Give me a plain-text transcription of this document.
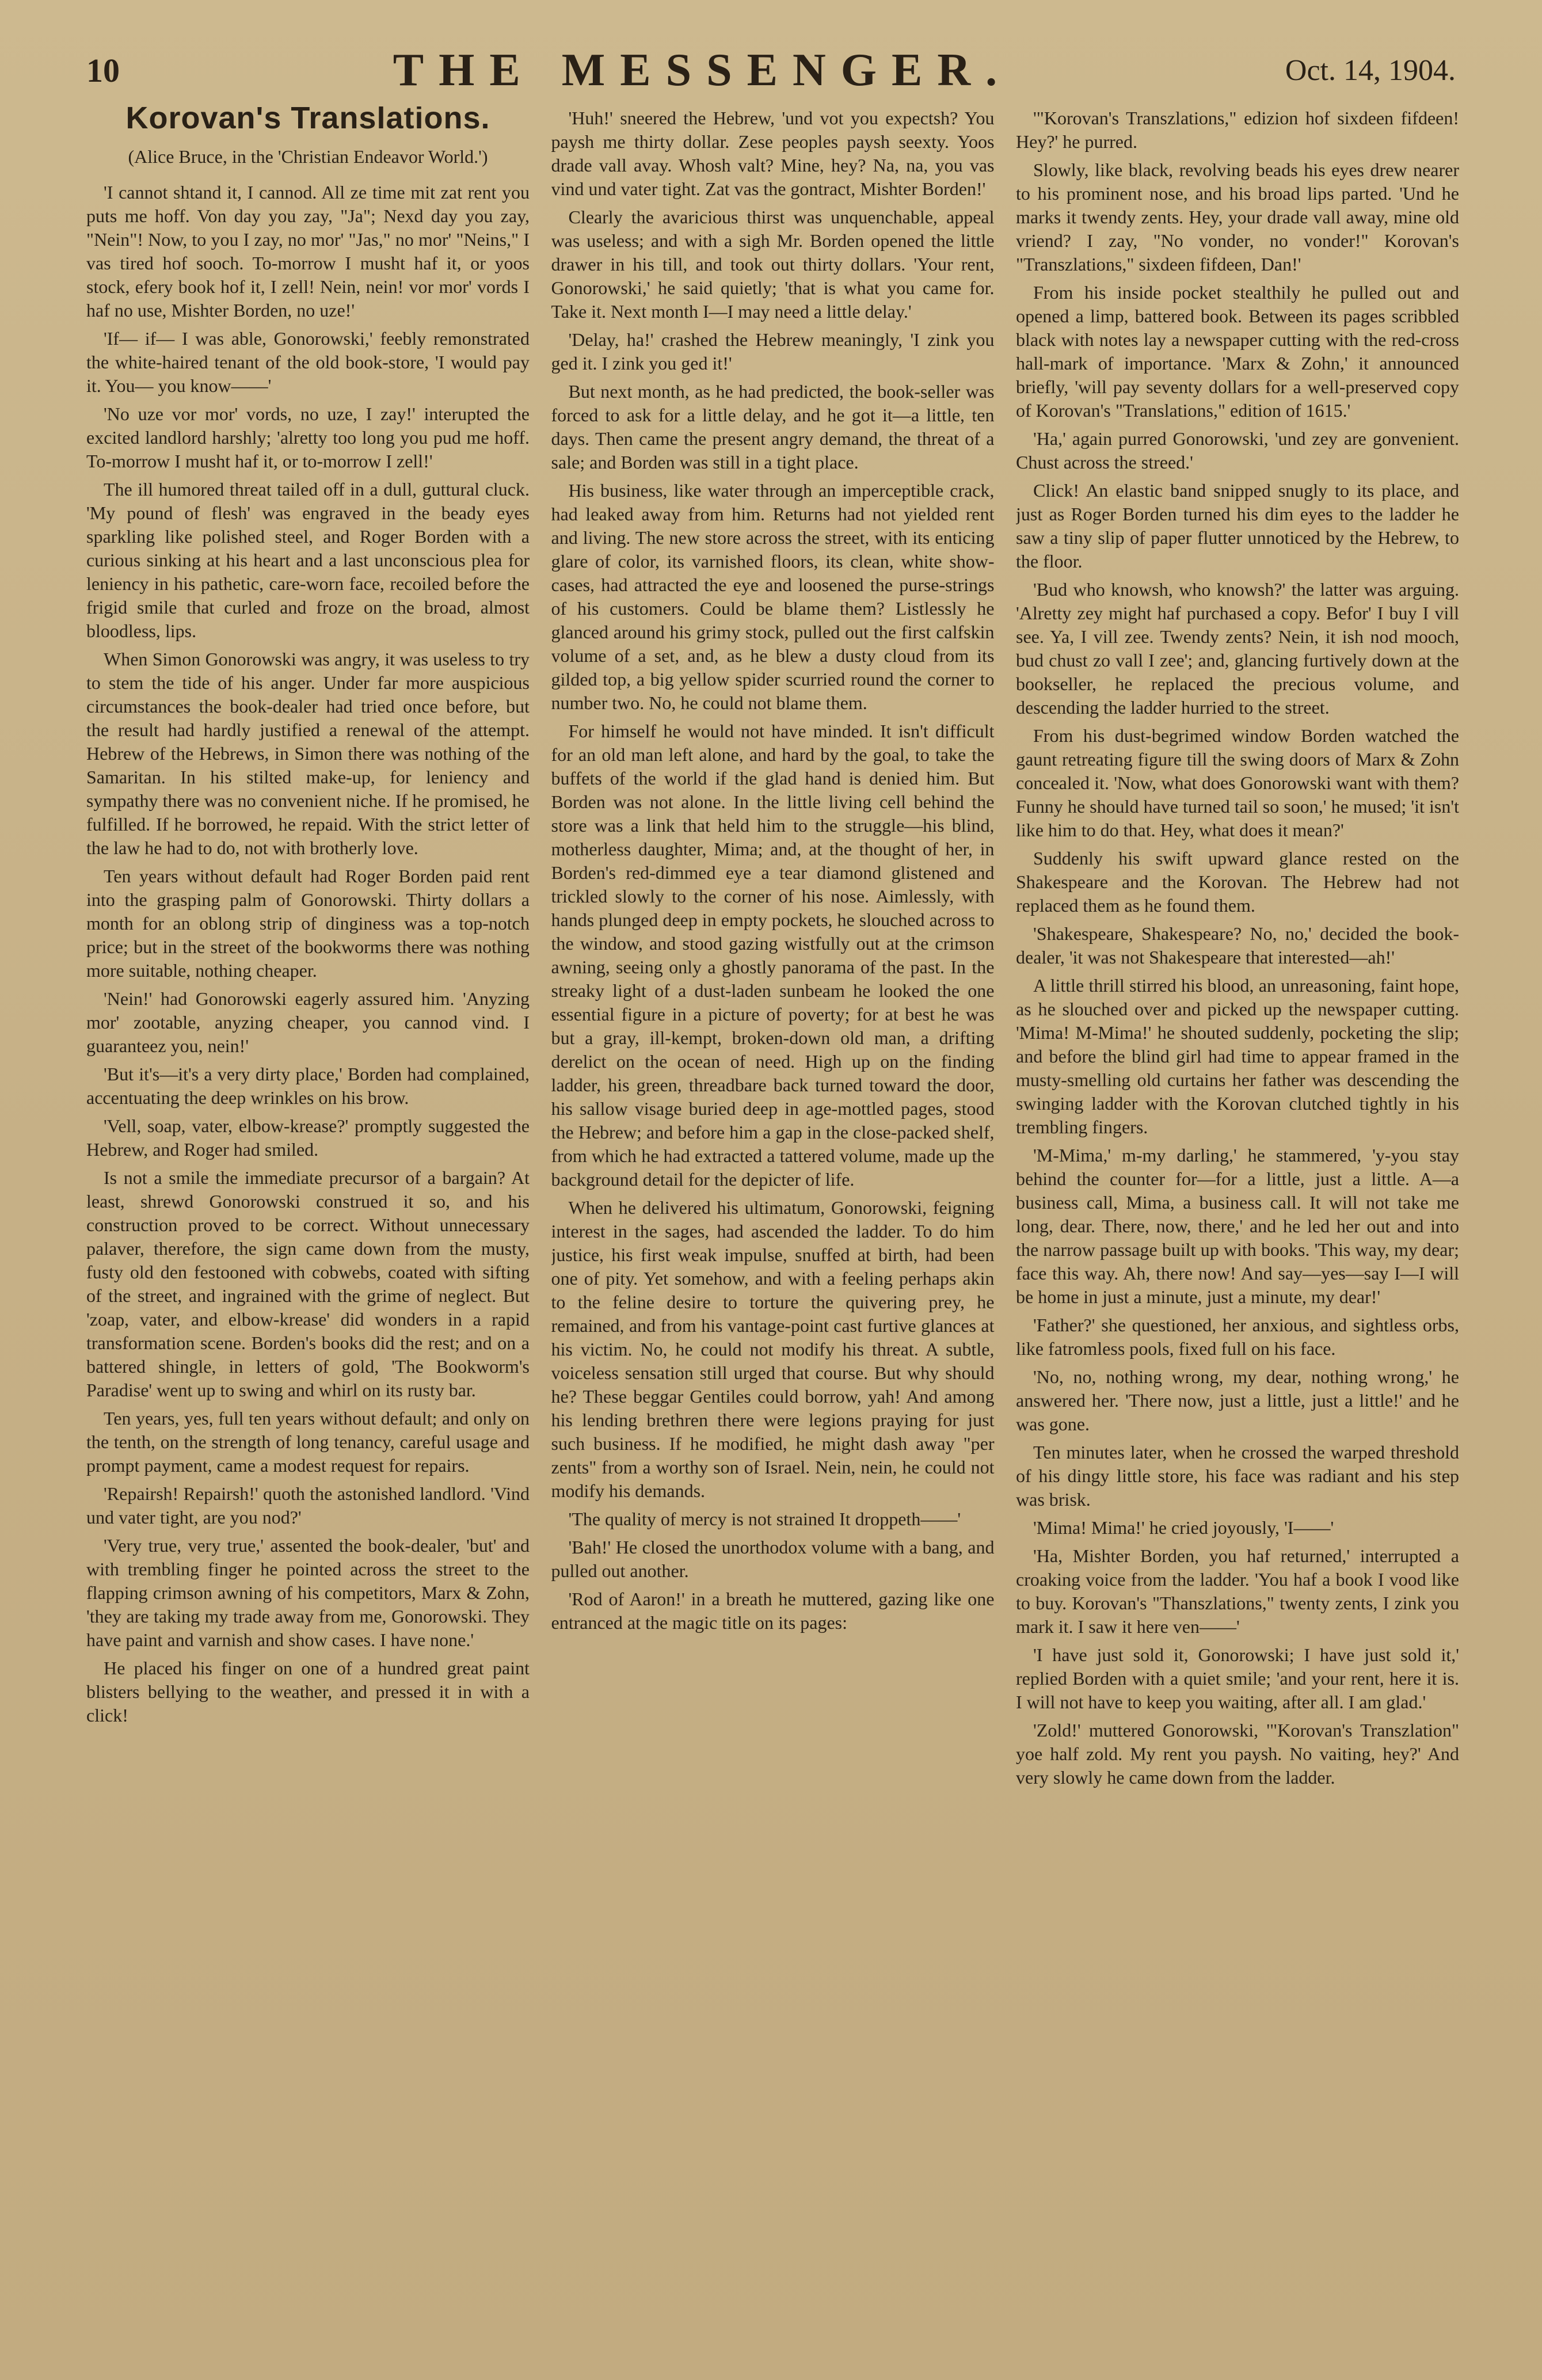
10	THE MESSENGER.	Oct. 14, 1904.
Korovan's Translations.
(Alice Bruce, in the 'Christian Endeavor World.')

'I cannot shtand it, I cannod. All ze time mit zat rent you puts me hoff. Von day you zay, "Ja"; Nexd day you zay, "Nein"! Now, to you I zay, no mor' "Jas," no mor' "Neins," I vas tired hof sooch. To-morrow I musht haf it, or yoos stock, efery book hof it, I zell! Nein, nein! vor mor' vords I haf no use, Mishter Borden, no uze!'

'If— if— I was able, Gonorowski,' feebly remonstrated the white-haired tenant of the old book-store, 'I would pay it. You— you know——'

'No uze vor mor' vords, no uze, I zay!' interupted the excited landlord harshly; 'alretty too long you pud me hoff. To-morrow I musht haf it, or to-morrow I zell!'

The ill humored threat tailed off in a dull, guttural cluck. 'My pound of flesh' was engraved in the beady eyes sparkling like polished steel, and Roger Borden with a curious sinking at his heart and a last unconscious plea for leniency in his pathetic, care-worn face, recoiled before the frigid smile that curled and froze on the broad, almost bloodless, lips.

When Simon Gonorowski was angry, it was useless to try to stem the tide of his anger. Under far more auspicious circumstances the book-dealer had tried once before, but the result had hardly justified a renewal of the attempt. Hebrew of the Hebrews, in Simon there was nothing of the Samaritan. In his stilted make-up, for leniency and sympathy there was no convenient niche. If he promised, he fulfilled. If he borrowed, he repaid. With the strict letter of the law he had to do, not with brotherly love.

Ten years without default had Roger Borden paid rent into the grasping palm of Gonorowski. Thirty dollars a month for an oblong strip of dinginess was a top-notch price; but in the street of the bookworms there was nothing more suitable, nothing cheaper.

'Nein!' had Gonorowski eagerly assured him. 'Anyzing mor' zootable, anyzing cheaper, you cannod vind. I guaranteez you, nein!'

'But it's—it's a very dirty place,' Borden had complained, accentuating the deep wrinkles on his brow.

'Vell, soap, vater, elbow-krease?' promptly suggested the Hebrew, and Roger had smiled.

Is not a smile the immediate precursor of a bargain? At least, shrewd Gonorowski construed it so, and his construction proved to be correct. Without unnecessary palaver, therefore, the sign came down from the musty, fusty old den festooned with cobwebs, coated with sifting of the street, and ingrained with the grime of neglect. But 'zoap, vater, and elbow-krease' did wonders in a rapid transformation scene. Borden's books did the rest; and on a battered shingle, in letters of gold, 'The Bookworm's Paradise' went up to swing and whirl on its rusty bar.

Ten years, yes, full ten years without default; and only on the tenth, on the strength of long tenancy, careful usage and prompt payment, came a modest request for repairs.

'Repairsh! Repairsh!' quoth the astonished landlord. 'Vind und vater tight, are you nod?'

'Very true, very true,' assented the book-dealer, 'but' and with trembling finger he pointed across the street to the flapping crimson awning of his competitors, Marx & Zohn, 'they are taking my trade away from me, Gonorowski. They have paint and varnish and show cases. I have none.'

He placed his finger on one of a hundred great paint blisters bellying to the weather, and pressed it in with a click!

'Huh!' sneered the Hebrew, 'und vot you expectsh? You paysh me thirty dollar. Zese peoples paysh seexty. Yoos drade vall avay. Whosh valt? Mine, hey? Na, na, you vas vind und vater tight. Zat vas the gontract, Mishter Borden!'

Clearly the avaricious thirst was unquenchable, appeal was useless; and with a sigh Mr. Borden opened the little drawer in his till, and took out thirty dollars. 'Your rent, Gonorowski,' he said quietly; 'that is what you came for. Take it. Next month I—I may need a little delay.'

'Delay, ha!' crashed the Hebrew meaningly, 'I zink you ged it. I zink you ged it!'

But next month, as he had predicted, the book-seller was forced to ask for a little delay, and he got it—a little, ten days. Then came the present angry demand, the threat of a sale; and Borden was still in a tight place.

His business, like water through an imperceptible crack, had leaked away from him. Returns had not yielded rent and living. The new store across the street, with its enticing glare of color, its varnished floors, its clean, white show-cases, had attracted the eye and loosened the purse-strings of his customers. Could be blame them? Listlessly he glanced around his grimy stock, pulled out the first calfskin volume of a set, and, as he blew a dusty cloud from its gilded top, a big yellow spider scurried round the corner to number two. No, he could not blame them.

For himself he would not have minded. It isn't difficult for an old man left alone, and hard by the goal, to take the buffets of the world if the glad hand is denied him. But Borden was not alone. In the little living cell behind the store was a link that held him to the struggle—his blind, motherless daughter, Mima; and, at the thought of her, in Borden's red-dimmed eye a tear diamond glistened and trickled slowly to the corner of his nose. Aimlessly, with hands plunged deep in empty pockets, he slouched across to the window, and stood gazing wistfully out at the crimson awning, seeing only a ghostly panorama of the past. In the streaky light of a dust-laden sunbeam he looked the one essential figure in a picture of poverty; for at best he was but a gray, ill-kempt, broken-down old man, a drifting derelict on the ocean of need. High up on the finding ladder, his green, threadbare back turned toward the door, his sallow visage buried deep in age-mottled pages, stood the Hebrew; and before him a gap in the close-packed shelf, from which he had extracted a tattered volume, made up the background detail for the depicter of life.

When he delivered his ultimatum, Gonorowski, feigning interest in the sages, had ascended the ladder. To do him justice, his first weak impulse, snuffed at birth, had been one of pity. Yet somehow, and with a feeling perhaps akin to the feline desire to torture the quivering prey, he remained, and from his vantage-point cast furtive glances at his victim. No, he could not modify his threat. A subtle, voiceless sensation still urged that course. But why should he? These beggar Gentiles could borrow, yah! And among his lending brethren there were legions praying for just such business. If he modified, he might dash away "per zents" from a worthy son of Israel. Nein, nein, he could not modify his demands.

'The quality of mercy is not strained It droppeth——'

'Bah!' He closed the unorthodox volume with a bang, and pulled out another.

'Rod of Aaron!' in a breath he muttered, gazing like one entranced at the magic title on its pages:

'"Korovan's Transzlations," edizion hof sixdeen fifdeen! Hey?' he purred.

Slowly, like black, revolving beads his eyes drew nearer to his prominent nose, and his broad lips parted. 'Und he marks it twendy zents. Hey, your drade vall away, mine old vriend? I zay, "No vonder, no vonder!" Korovan's "Transzlations," sixdeen fifdeen, Dan!'

From his inside pocket stealthily he pulled out and opened a limp, battered book. Between its pages scribbled black with notes lay a newspaper cutting with the red-cross hall-mark of importance. 'Marx & Zohn,' it announced briefly, 'will pay seventy dollars for a well-preserved copy of Korovan's "Translations," edition of 1615.'

'Ha,' again purred Gonorowski, 'und zey are gonvenient. Chust across the streed.'

Click! An elastic band snipped snugly to its place, and just as Roger Borden turned his dim eyes to the ladder he saw a tiny slip of paper flutter unnoticed by the Hebrew, to the floor.

'Bud who knowsh, who knowsh?' the latter was arguing. 'Alretty zey might haf purchased a copy. Befor' I buy I vill see. Ya, I vill zee. Twendy zents? Nein, it ish nod mooch, bud chust zo vall I zee'; and, glancing furtively down at the bookseller, he replaced the precious volume, and descending the ladder hurried to the street.

From his dust-begrimed window Borden watched the gaunt retreating figure till the swing doors of Marx & Zohn concealed it. 'Now, what does Gonorowski want with them? Funny he should have turned tail so soon,' he mused; 'it isn't like him to do that. Hey, what does it mean?'

Suddenly his swift upward glance rested on the Shakespeare and the Korovan. The Hebrew had not replaced them as he found them.

'Shakespeare, Shakespeare? No, no,' decided the book-dealer, 'it was not Shakespeare that interested—ah!'

A little thrill stirred his blood, an unreasoning, faint hope, as he slouched over and picked up the newspaper cutting. 'Mima! M-Mima!' he shouted suddenly, pocketing the slip; and before the blind girl had time to appear framed in the musty-smelling old curtains her father was descending the swinging ladder with the Korovan clutched tightly in his trembling fingers.

'M-Mima,' m-my darling,' he stammered, 'y-you stay behind the counter for—for a little, just a little. A—a business call, Mima, a business call. It will not take me long, dear. There, now, there,' and he led her out and into the narrow passage built up with books. 'This way, my dear; face this way. Ah, there now! And say—yes—say I—I will be home in just a minute, just a minute, my dear!'

'Father?' she questioned, her anxious, and sightless orbs, like fatromless pools, fixed full on his face.

'No, no, nothing wrong, my dear, nothing wrong,' he answered her. 'There now, just a little, just a little!' and he was gone.

Ten minutes later, when he crossed the warped threshold of his dingy little store, his face was radiant and his step was brisk.

'Mima! Mima!' he cried joyously, 'I——'

'Ha, Mishter Borden, you haf returned,' interrupted a croaking voice from the ladder. 'You haf a book I vood like to buy. Korovan's "Thanszlations," twenty zents, I zink you mark it. I saw it here ven——'

'I have just sold it, Gonorowski; I have just sold it,' replied Borden with a quiet smile; 'and your rent, here it is. I will not have to keep you waiting, after all. I am glad.'

'Zold!' muttered Gonorowski, '"Korovan's Transzlation" yoe half zold. My rent you paysh. No vaiting, hey?' And very slowly he came down from the ladder.
